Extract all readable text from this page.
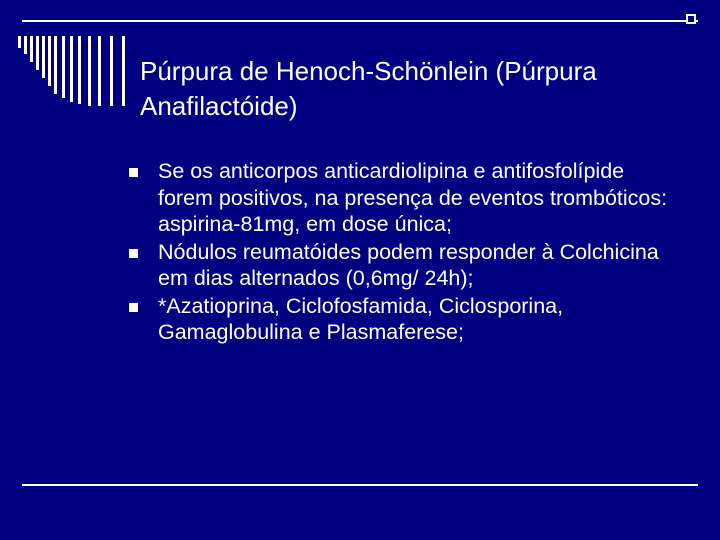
Púrpura de Henoch-Schönlein (Púrpura Anafilactóide)
Se os anticorpos anticardiolipina e antifosfolípide forem positivos, na presença de eventos trombóticos: aspirina-81mg, em dose única;
Nódulos reumatóides podem responder à Colchicina em dias alternados (0,6mg/ 24h);
*Azatioprina, Ciclofosfamida, Ciclosporina, Gamaglobulina e Plasmaferese;
